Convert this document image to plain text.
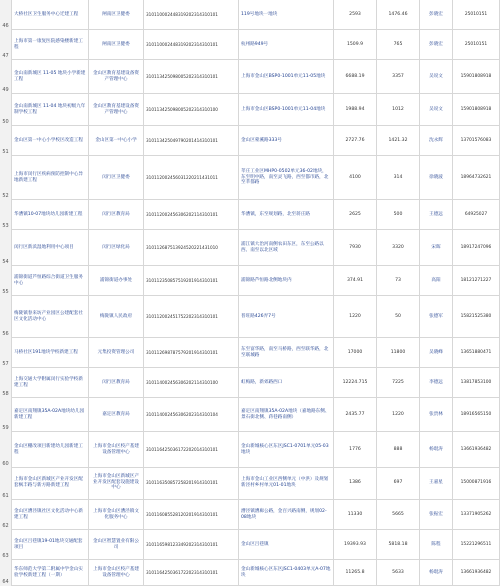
46
大桥社区卫生服务中心迁建工程	闸南区卫健委	310110002448319202314310101	119号地块一地块	2593	1476.46	彭晓宏	25010151
47
上海市第一康复医院感染楼新建工程
闸南区卫健委	310110002448319202314310101	杭州路949号	1509.9	765	彭晓宏	25010151
49
金山南新城区 11-05 地块小学新建工程
金山区教育基建设备资产管理中心
310113425098005202314310101	上海市金山区BSP0-1001单元11-05地块	6688.19	3357	吴说文	15901808918
50
金山南新城区 11-04 地块初级九年制学校工程
金山区教育基建设备资产管理中心
310113425098005202314310100	上海市金山区BSP0-1001单元11-04地块	1988.94	1012	吴说文	15901808918
51
金山区第一中心小学校区改造工程	金山区第一中心小学	310113425049790201414310101	金山区蒙溪路333号	2727.76	1421.32	沈永辉	13701576083
52
上海市闵行区疾病预防控制中心异地新建工程
闵行区卫健委	310112002456031220211431011
莘庄工业区MHP0-0502单元36-02地块，东至明中路，南至灵飞路，西至都市路，北至莘都路
4100	314	徐晓波	18964732621
53
华漕镇10-07地块幼儿园新建工程	闵行区教育局	310112002456306202114310101	华漕镇，东至规划路，北至蒋庄路	2625	500	王德远	64925027
54
闵行区新浜湿地利用中心项目	闵行区绿化局	310112687513924520221431010
浦江镇大治河南侧农田东区，东至公路以西、南至以北区域
7930	3320	宋晖	18917247096
55
浦锦街道芦恒路综合街道卫生服务中心
浦锦街道办事处	310112350857519201914310101	浦锦路芦恒路北侧地块内	374.91	73	高阳	18121271227
56
梅陇镇春来坊产业园区公建配套社区文化活动中心
梅陇镇人民政府	310112002451752202314310101	普旺路426弄7号	1220	50	张德军	15821525380
57
马桥社区191地块学校新建工程	元集投资管理公司	310112698787579201914310101
东至富华路，南至马桥路，西至联华路，北至联城路
17000	11800	吴晓峰	13651880471
58
上海交通大学附属闵行实验学校新建工程
闵行区教育局	310114002456306202114310100	虹梅路，新郊路西口	12224.715	7225	李德远	13817853100
59
嘉定区南翔镇35A-02A地块幼儿园新建工程
嘉定区教育局	310114002456306202314310104
嘉定区南翔镇35A-02A地块（嘉地路东侧、景石街北侧、蒋巷路南侧）
2435.77	1220	张贵林	18916565150
60
金山区棚改项目新建幼儿园新建工程
上海市金山区校产基建设备管理中心
310116425036172202014310101
金山新城核心区东区JSC1-0701单元05-03地块
1776	888	杨琨涛	13661936482
61
上海市金山区新城区产业开发区配套枫丰路与新方路新建工程
上海市金山区新城区产业开发区配套设施建设中心
310116350857258201914310101
上海市金山工业区西侧单元（中洪）及规划新泾村乡村单元01-01地块
1386	697	王嘉星	15000871916
62
金山区漕泾镇社区文化活动中心新建工程
上海市金山区漕泾镇文化服务中心
310116085528120201914310101
漕泾镇漕廊公路，金百兴路南侧，规划02-08地块
11330	5665	张振宏	13371905262
63
金山区吕巷镇19-01地块交通配套项目
金山区智慧置业有限公司
310116598123349202314310101	金山区吕巷镇	19393.93	5818.18	陈程	15221296511
64
华东师范大学第二附属中学金山实验学校新建工程（一期）
上海市金山区校产基建设备管理中心
310116425036172202314310101
金山新城核心区东区JSC1-0403单元A-07地块
11265.8	5633	杨琨涛	13661936482
